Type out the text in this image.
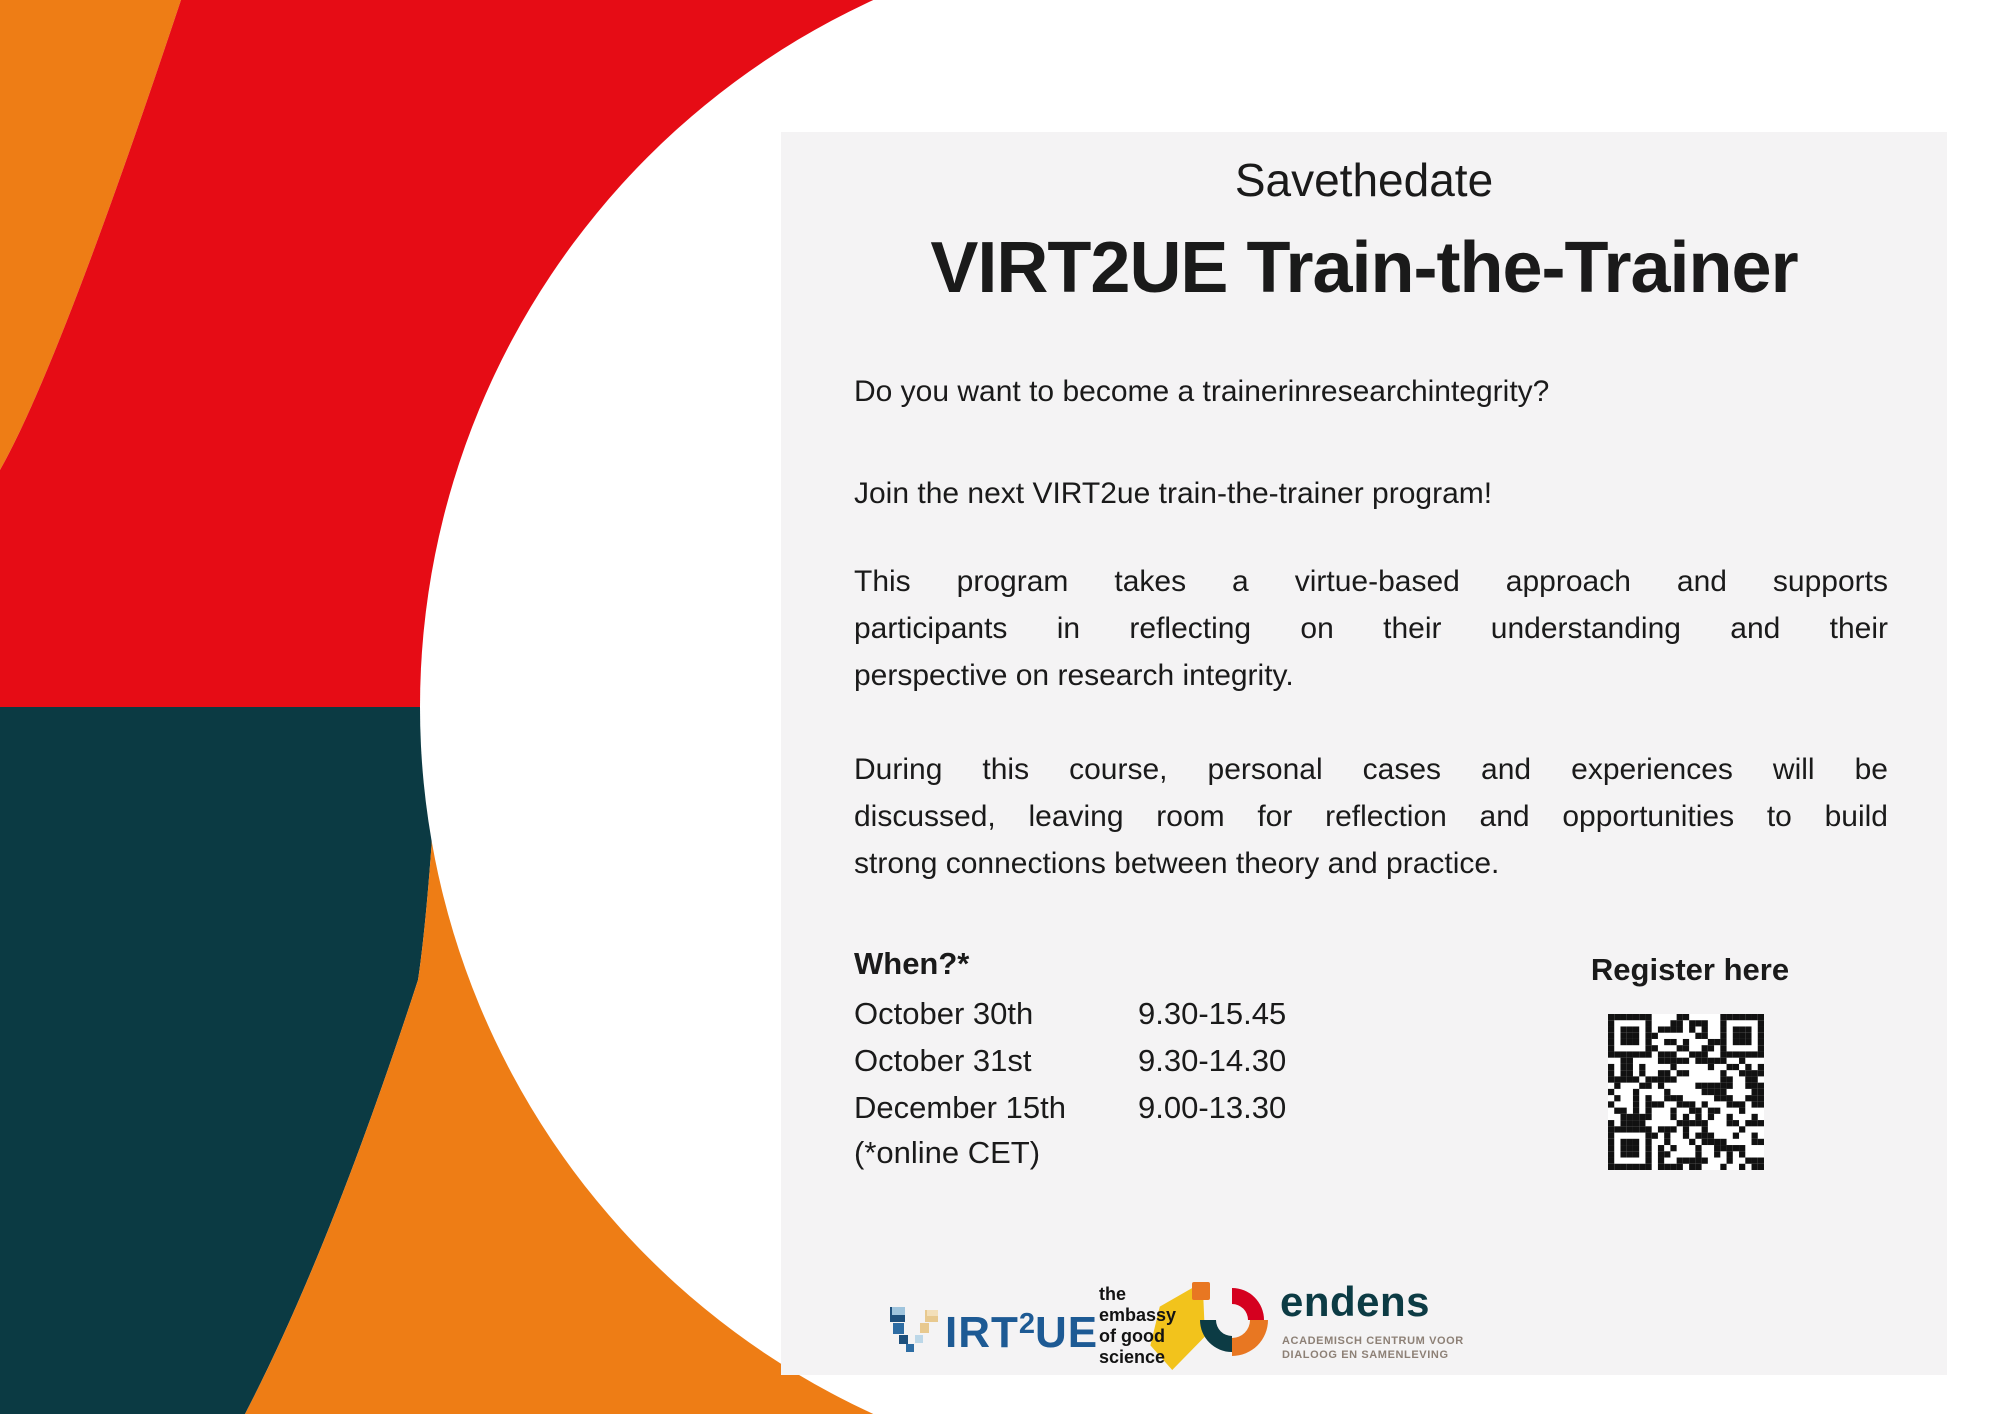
Savethedate
VIRT2UE Train-the-Trainer
Do you want to become a trainerinresearchintegrity?
Join the next VIRT2ue train-the-trainer program!
This program takes a virtue-based approach and supports
participants in reflecting on their understanding and their
perspective on research integrity.
During this course, personal cases and experiences will be
discussed, leaving room for reflection and opportunities to build
strong connections between theory and practice.
When?*
October 30th	9.30-15.45
October 31st	9.30-14.30
December 15th 9.00-13.30
(*online CET)
Register here
IRT$^2$UE
the
embassy
of good
science
endens
ACADEMISCH CENTRUM VOOR
DIALOOG EN SAMENLEVING
